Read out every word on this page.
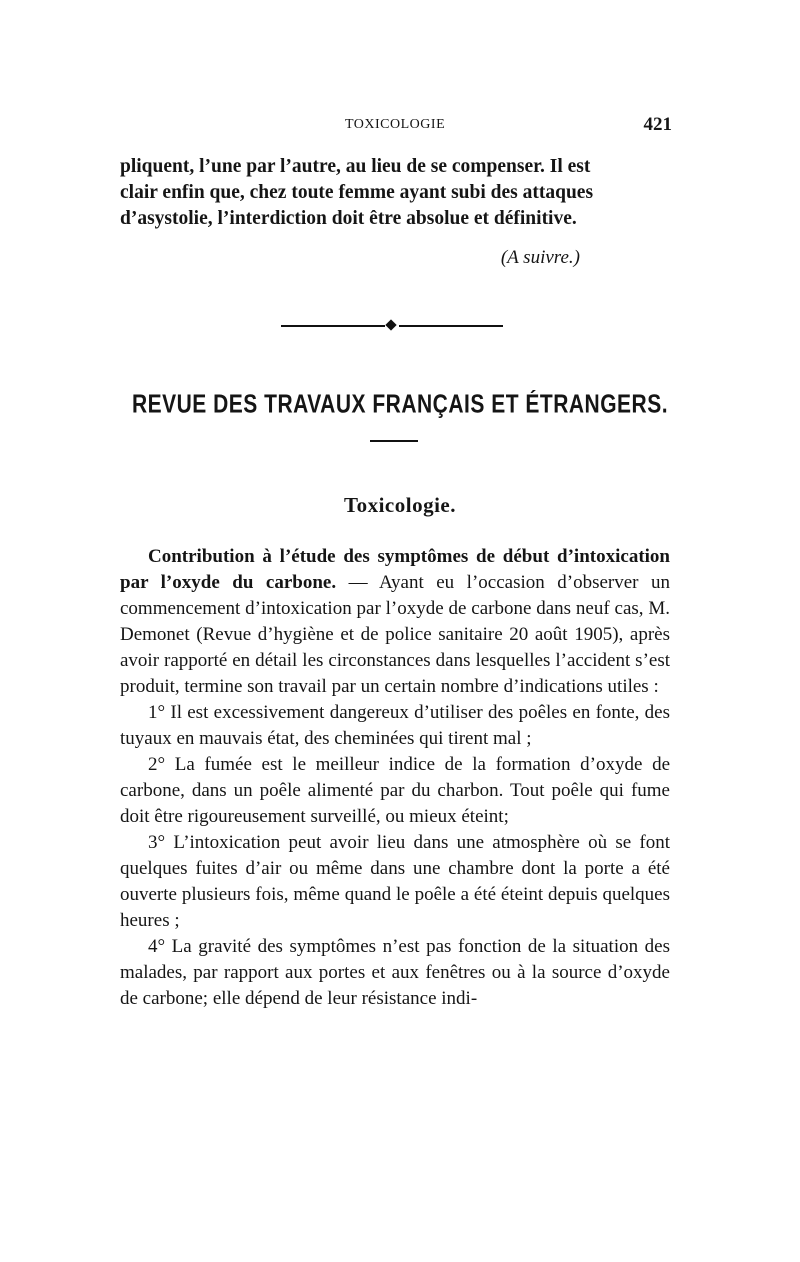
TOXICOLOGIE	421

pliquent, l’une par l’autre, au lieu de se compenser. Il est

clair enfin que, chez toute femme ayant subi des attaques

d’asystolie, l’interdiction doit être absolue et définitive.

(A suivre.)
REVUE DES TRAVAUX FRANÇAIS ET ÉTRANGERS.
Toxicologie.

Contribution à l’étude des symptômes de début d’intoxication par l’oxyde du carbone. — Ayant eu l’occasion d’observer un commencement d’intoxication par l’oxyde de carbone dans neuf cas, M. Demonet (Revue d’hygiène et de police sanitaire 20 août 1905), après avoir rapporté en détail les circonstances dans lesquelles l’accident s’est produit, termine son travail par un certain nombre d’indications utiles :

1° Il est excessivement dangereux d’utiliser des poêles en fonte, des tuyaux en mauvais état, des cheminées qui tirent mal ;

2° La fumée est le meilleur indice de la formation d’oxyde de carbone, dans un poêle alimenté par du charbon. Tout poêle qui fume doit être rigoureusement surveillé, ou mieux éteint;

3° L’intoxication peut avoir lieu dans une atmosphère où se font quelques fuites d’air ou même dans une chambre dont la porte a été ouverte plusieurs fois, même quand le poêle a été éteint depuis quelques heures ;

4° La gravité des symptômes n’est pas fonction de la situation des malades, par rapport aux portes et aux fenêtres ou à la source d’oxyde de carbone; elle dépend de leur résistance indi-
